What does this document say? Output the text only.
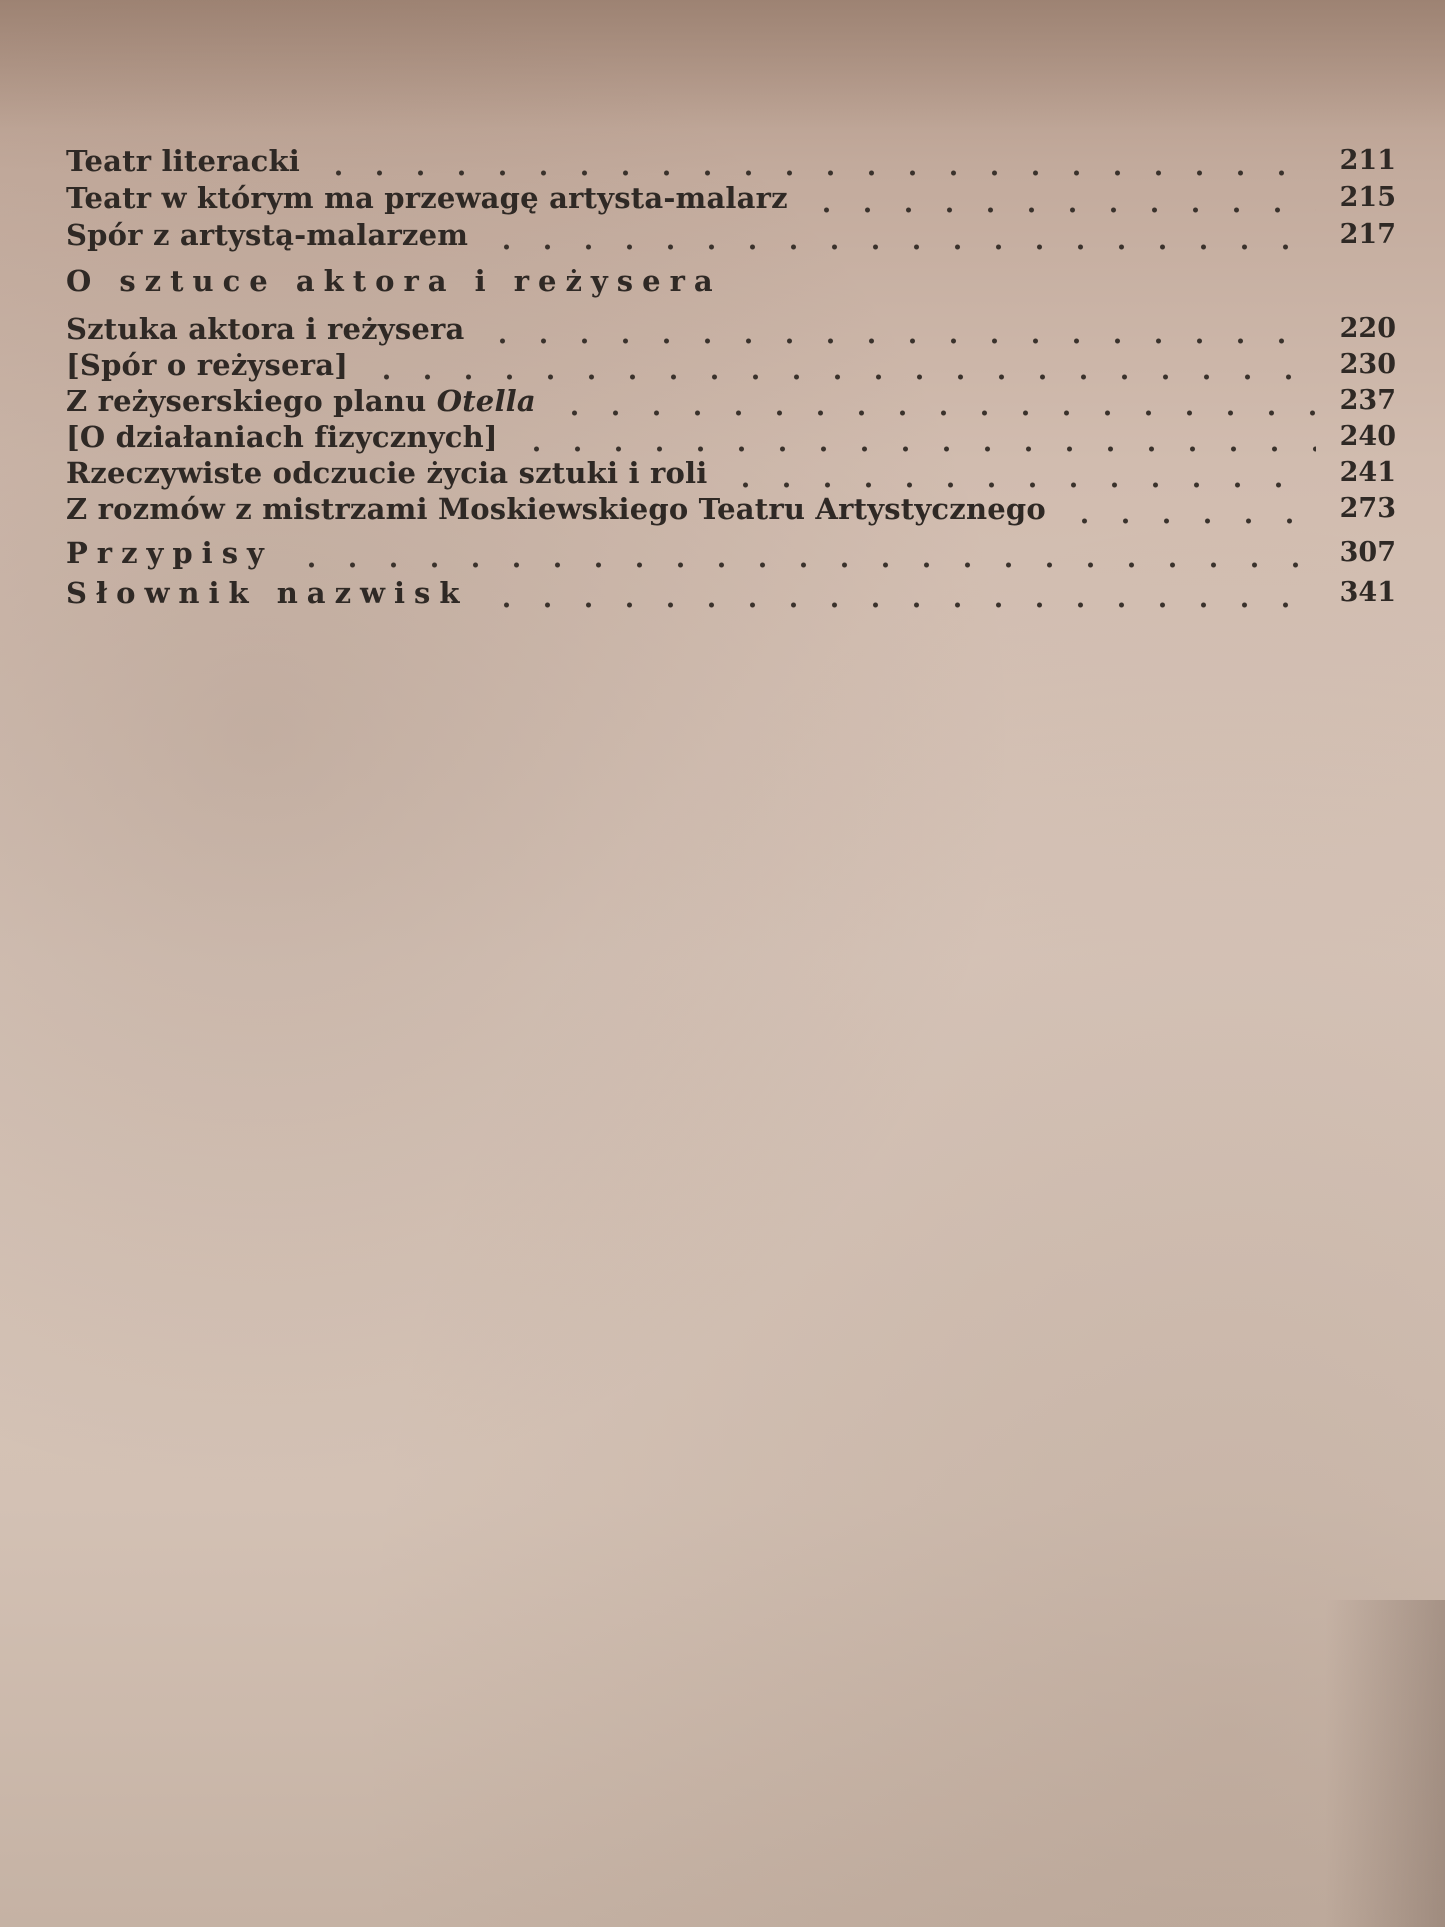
Teatr literacki	211
Teatr w którym ma przewagę artysta-malarz	215
Spór z artystą-malarzem	217
O sztuce aktora i reżysera
Sztuka aktora i reżysera	220
[Spór o reżysera]	230
Z reżyserskiego planu Otella	237
[O działaniach fizycznych]	240
Rzeczywiste odczucie życia sztuki i roli	241
Z rozmów z mistrzami Moskiewskiego Teatru Artystycznego	273
Przypisy	307
Słownik nazwisk	341
